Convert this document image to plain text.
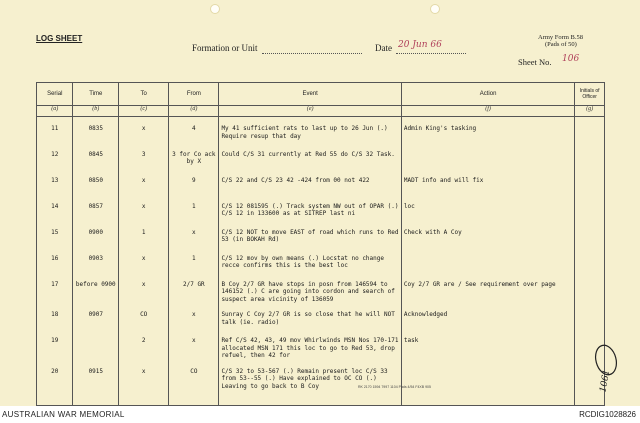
LOG SHEET
Formation or Unit	Date 20 Jun 66
Army Form B.58
(Pads of 50)
Sheet No. 106
Serial	Time	To	From	Event	Action	Initials of Officer
(a)	(b)	(c)	(d)	(e)	(f)	(g)
11	0835	x	4	My 41 sufficient rats to last up to 26 Jun (.) Require resup that day	Admin King's tasking	
12	0845	3	3 for Co ack by X	Could C/S 31 currently at Red 55 do C/S 32 Task.		
13	0850	x	9	C/S 22 and C/S 23 42 -424 from 00 not 422	MADT info and will fix	
14	0857	x	1	C/S 12 081595 (.) Track system NW out of OPAR (.) C/S 12 in 133600 as at SITREP last ni	loc	
15	0900	1	x	C/S 12 NOT to move EAST of road which runs to Red 53 (in BOKAH Rd)	Check with A Coy	
16	0903	x	1	C/S 12 mov by own means (.) Locstat no change recce confirms this is the best loc		
17	before 0900	x	2/7 GR	B Coy 2/7 GR have stops in posn from 146594 to 146152 (.) C are going into cordon and search of suspect area vicinity of 136059	Coy 2/7 GR are / See requirement over page	
18	0907	CO	x	Sunray C Coy 2/7 GR is so close that he will NOT talk (ie. radio)	Acknowledged	
19		2	x	Ref C/S 42, 43, 49 mov Whirlwinds MSN Nos 170-171 allocated MSN 171 this loc to go to Red 53, drop refuel, then 42 for	task	
20	0915	x	CO	C/S 32 to 53-567 (.) Remain present loc C/S 33 from 53--55 (.) Have explained to OC CO (.) Leaving to go back to B Coy			RK 2170 1594 7997 1104 Pads 4/54 F4XB 905	1061
AUSTRALIAN WAR MEMORIAL	RCDIG1028826
